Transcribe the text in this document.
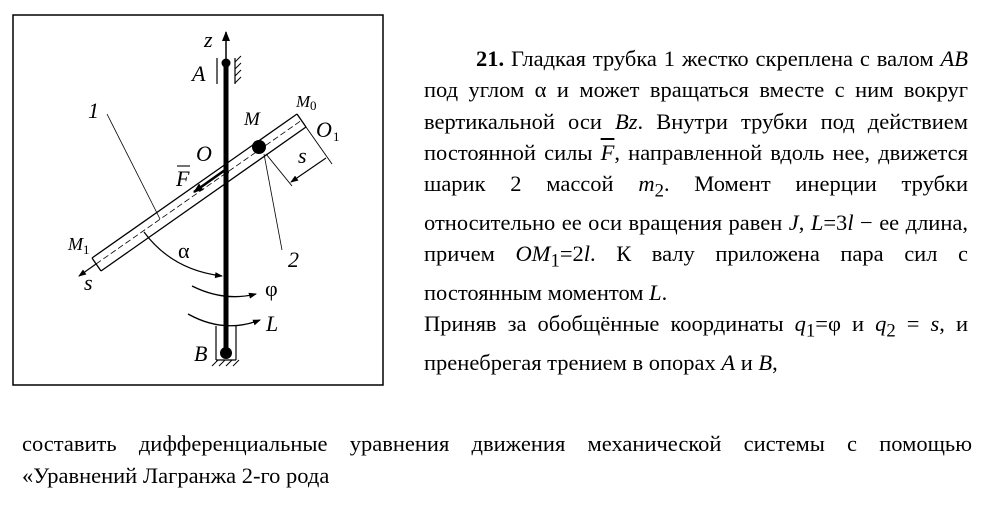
z
A
B
O
O 1
M
M 0
M 1
F
s
s
α
φ
L
1
2

21. Гладкая трубка 1 жестко скреплена с валом AB под углом α и может вращаться вместе с ним вокруг вертикальной оси Bz. Внутри трубки под действием постоянной силы $\overline{F}$, направленной вдоль нее, движется шарик 2 массой $m_2$. Момент инерции трубки относительно ее оси вращения равен J, L=3l − ее длина, причем $OM_1=2l$. К валу приложена пара сил с постоянным моментом L.

Приняв за обобщённые координаты $q_1=\varphi$ и $q_2 = s$, и пренебрегая трением в опорах A и B,

составить дифференциальные уравнения движения механической системы с помощью «Уравнений Лагранжа 2-го рода
